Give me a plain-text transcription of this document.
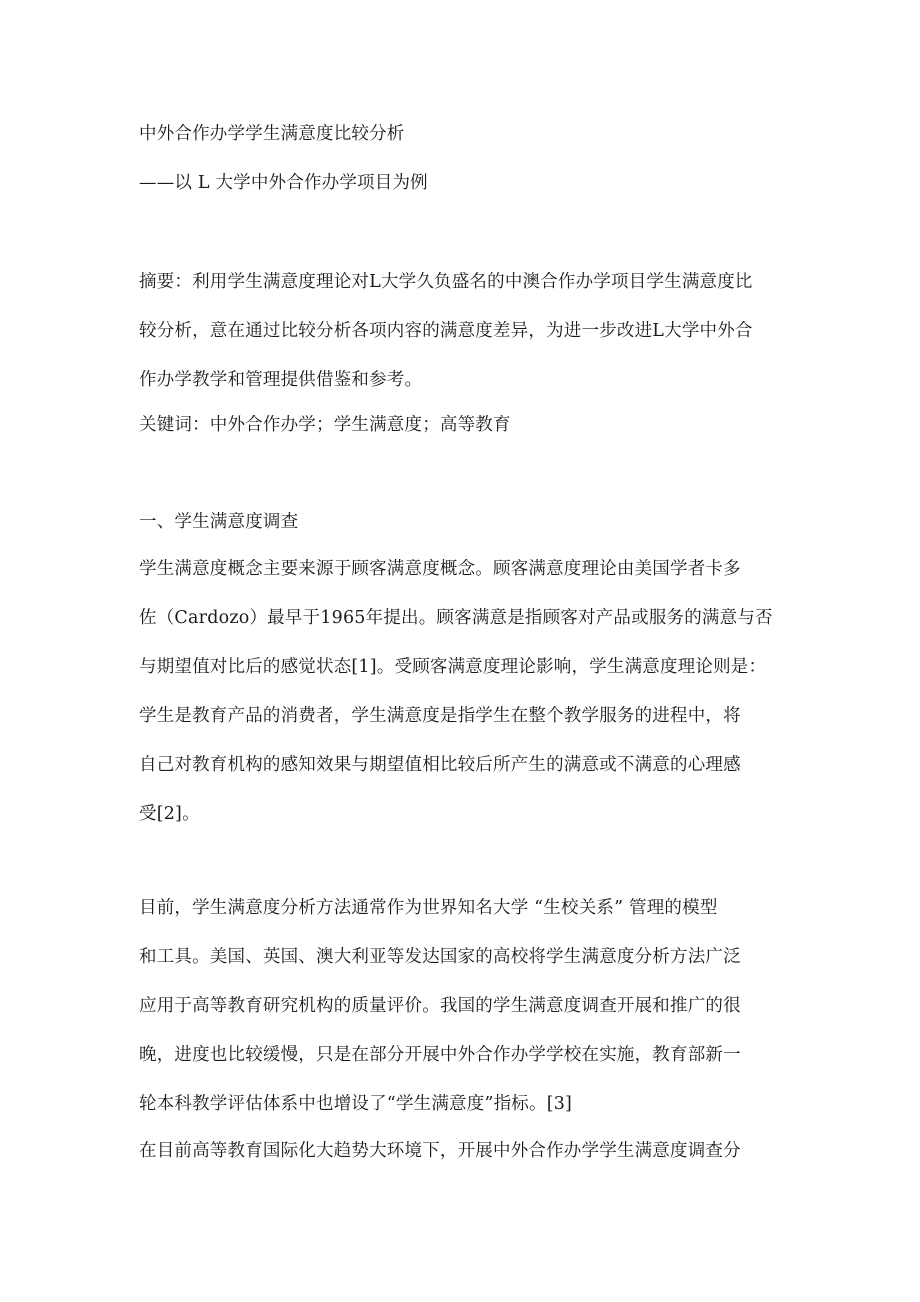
中外合作办学学生满意度比较分析
——以 L 大学中外合作办学项目为例
摘要：利用学生满意度理论对L大学久负盛名的中澳合作办学项目学生满意度比
较分析，意在通过比较分析各项内容的满意度差异，为进一步改进L大学中外合
作办学教学和管理提供借鉴和参考。
关键词：中外合作办学；学生满意度；高等教育
一、学生满意度调查
学生满意度概念主要来源于顾客满意度概念。顾客满意度理论由美国学者卡多
佐（Cardozo）最早于1965年提出。顾客满意是指顾客对产品或服务的满意与否
与期望值对比后的感觉状态[1]。受顾客满意度理论影响，学生满意度理论则是：
学生是教育产品的消费者，学生满意度是指学生在整个教学服务的进程中，将
自己对教育机构的感知效果与期望值相比较后所产生的满意或不满意的心理感
受[2]。
目前，学生满意度分析方法通常作为世界知名大学 “生校关系” 管理的模型
和工具。美国、英国、澳大利亚等发达国家的高校将学生满意度分析方法广泛
应用于高等教育研究机构的质量评价。我国的学生满意度调查开展和推广的很
晚，进度也比较缓慢，只是在部分开展中外合作办学学校在实施，教育部新一
轮本科教学评估体系中也增设了“学生满意度”指标。[3]
在目前高等教育国际化大趋势大环境下，开展中外合作办学学生满意度调查分
